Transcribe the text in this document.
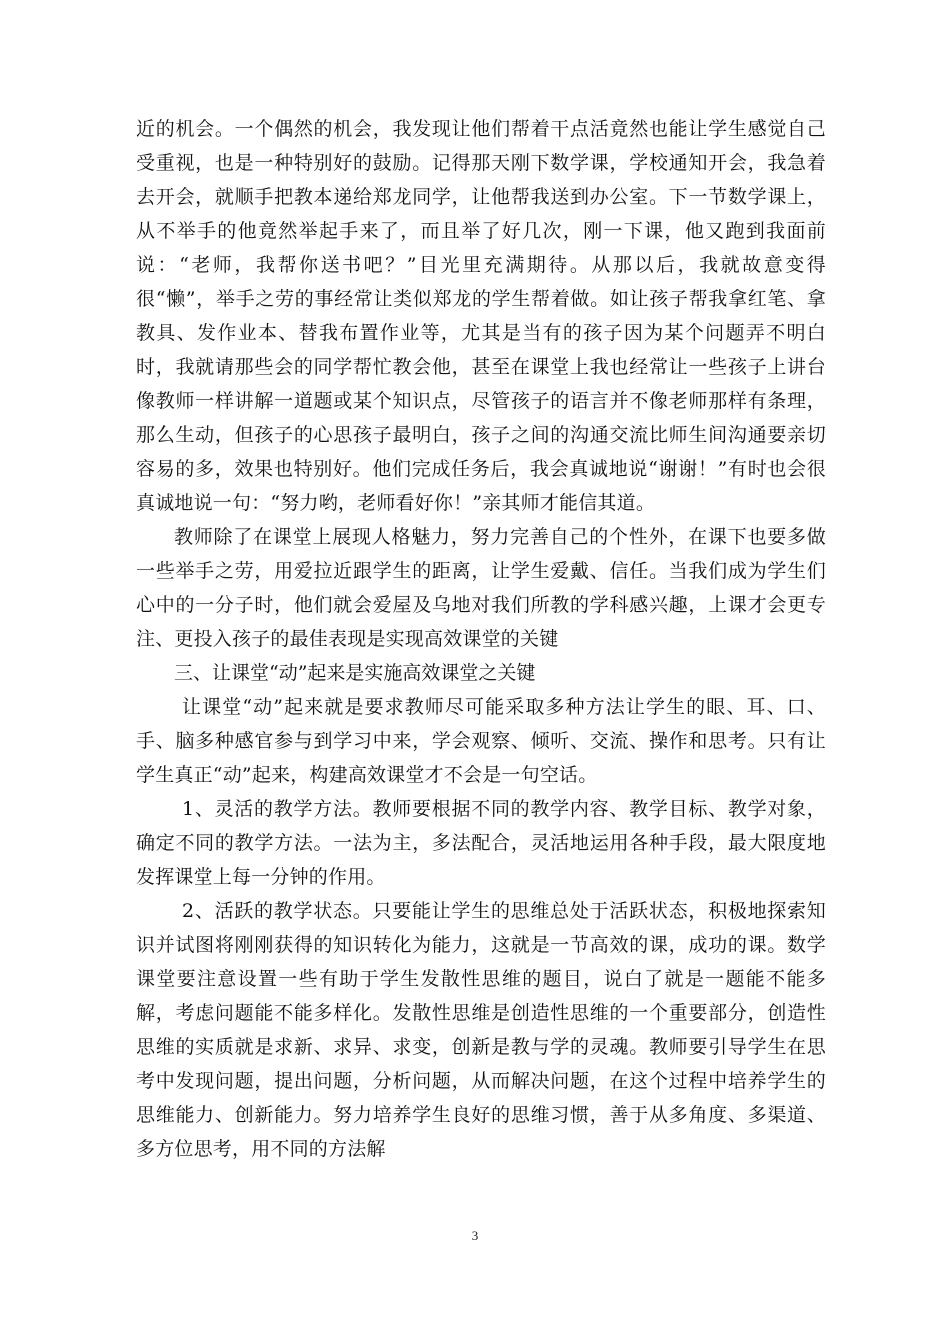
近的机会。一个偶然的机会，我发现让他们帮着干点活竟然也能让学生感觉自己受重视，也是一种特别好的鼓励。记得那天刚下数学课，学校通知开会，我急着去开会，就顺手把教本递给郑龙同学，让他帮我送到办公室。下一节数学课上，从不举手的他竟然举起手来了，而且举了好几次，刚一下课，他又跑到我面前说：“老师，我帮你送书吧？”目光里充满期待。从那以后，我就故意变得很“懒”，举手之劳的事经常让类似郑龙的学生帮着做。如让孩子帮我拿红笔、拿教具、发作业本、替我布置作业等，尤其是当有的孩子因为某个问题弄不明白时，我就请那些会的同学帮忙教会他，甚至在课堂上我也经常让一些孩子上讲台像教师一样讲解一道题或某个知识点，尽管孩子的语言并不像老师那样有条理，那么生动，但孩子的心思孩子最明白，孩子之间的沟通交流比师生间沟通要亲切容易的多，效果也特别好。他们完成任务后，我会真诚地说“谢谢！”有时也会很真诚地说一句：“努力哟，老师看好你！”亲其师才能信其道。

教师除了在课堂上展现人格魅力，努力完善自己的个性外，在课下也要多做一些举手之劳，用爱拉近跟学生的距离，让学生爱戴、信任。当我们成为学生们心中的一分子时，他们就会爱屋及乌地对我们所教的学科感兴趣，上课才会更专注、更投入孩子的最佳表现是实现高效课堂的关键

三、让课堂“动”起来是实施高效课堂之关键

让课堂“动”起来就是要求教师尽可能采取多种方法让学生的眼、耳、口、手、脑多种感官参与到学习中来，学会观察、倾听、交流、操作和思考。只有让学生真正“动”起来，构建高效课堂才不会是一句空话。

1、灵活的教学方法。教师要根据不同的教学内容、教学目标、教学对象，确定不同的教学方法。一法为主，多法配合，灵活地运用各种手段，最大限度地发挥课堂上每一分钟的作用。

2、活跃的教学状态。只要能让学生的思维总处于活跃状态，积极地探索知识并试图将刚刚获得的知识转化为能力，这就是一节高效的课，成功的课。数学课堂要注意设置一些有助于学生发散性思维的题目，说白了就是一题能不能多解，考虑问题能不能多样化。发散性思维是创造性思维的一个重要部分，创造性思维的实质就是求新、求异、求变，创新是教与学的灵魂。教师要引导学生在思考中发现问题，提出问题，分析问题，从而解决问题，在这个过程中培养学生的思维能力、创新能力。努力培养学生良好的思维习惯，善于从多角度、多渠道、多方位思考，用不同的方法解

3
